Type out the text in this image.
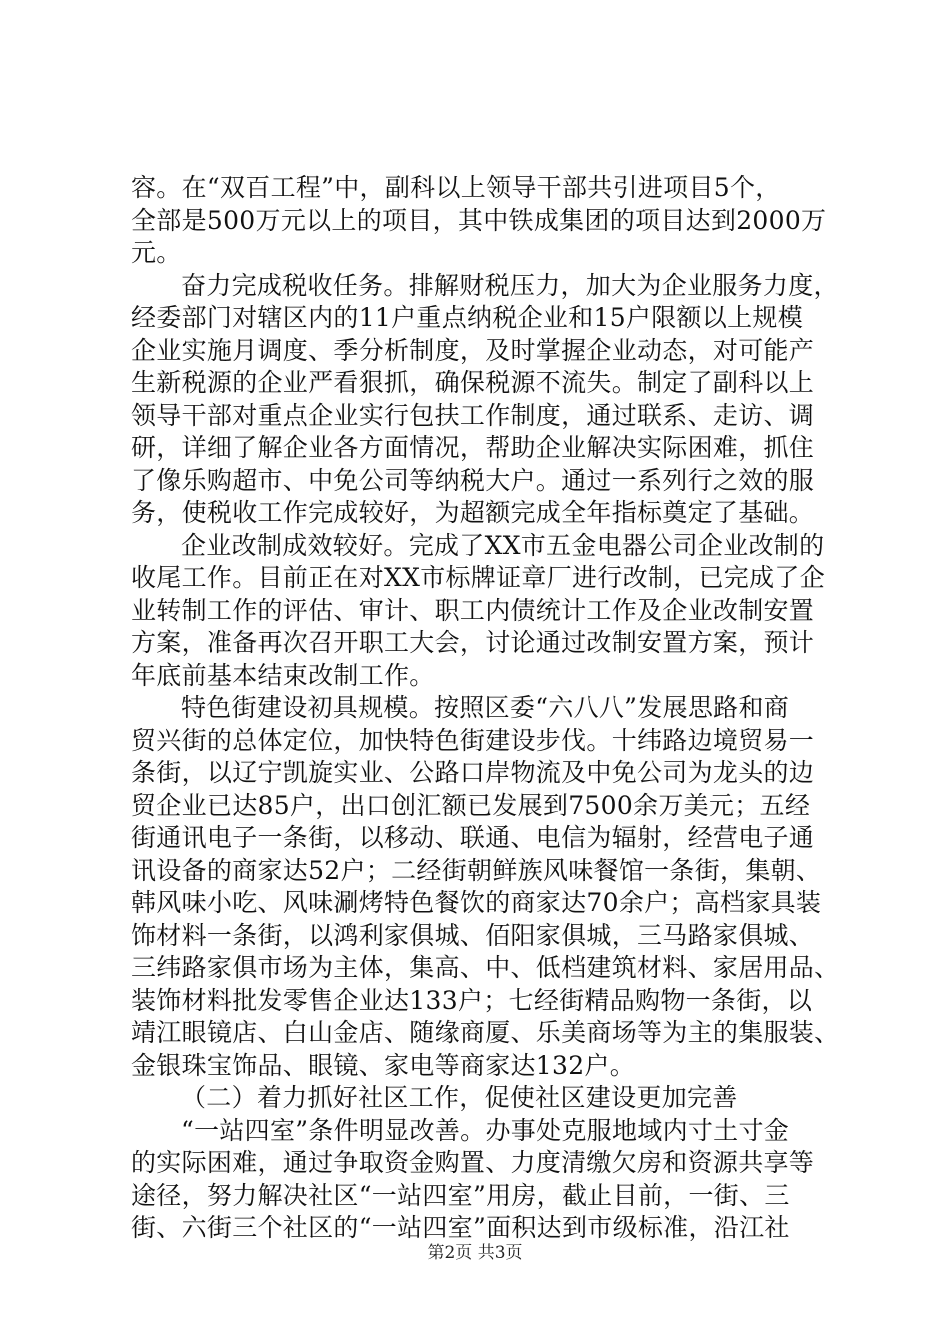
容。在“双百工程”中，副科以上领导干部共引进项目5个，
全部是500万元以上的项目，其中铁成集团的项目达到2000万
元。
奋力完成税收任务。排解财税压力，加大为企业服务力度，
经委部门对辖区内的11户重点纳税企业和15户限额以上规模
企业实施月调度、季分析制度，及时掌握企业动态，对可能产
生新税源的企业严看狠抓，确保税源不流失。制定了副科以上
领导干部对重点企业实行包扶工作制度，通过联系、走访、调
研，详细了解企业各方面情况，帮助企业解决实际困难，抓住
了像乐购超市、中免公司等纳税大户。通过一系列行之效的服
务，使税收工作完成较好，为超额完成全年指标奠定了基础。
企业改制成效较好。完成了XX市五金电器公司企业改制的
收尾工作。目前正在对XX市标牌证章厂进行改制，已完成了企
业转制工作的评估、审计、职工内债统计工作及企业改制安置
方案，准备再次召开职工大会，讨论通过改制安置方案，预计
年底前基本结束改制工作。
特色街建设初具规模。按照区委“六八八”发展思路和商
贸兴街的总体定位，加快特色街建设步伐。十纬路边境贸易一
条街，以辽宁凯旋实业、公路口岸物流及中免公司为龙头的边
贸企业已达85户，出口创汇额已发展到7500余万美元；五经
街通讯电子一条街，以移动、联通、电信为辐射，经营电子通
讯设备的商家达52户；二经街朝鲜族风味餐馆一条街，集朝、
韩风味小吃、风味涮烤特色餐饮的商家达70余户；高档家具装
饰材料一条街，以鸿利家俱城、佰阳家俱城，三马路家俱城、
三纬路家俱市场为主体，集高、中、低档建筑材料、家居用品、
装饰材料批发零售企业达133户；七经街精品购物一条街，以
靖江眼镜店、白山金店、随缘商厦、乐美商场等为主的集服装、
金银珠宝饰品、眼镜、家电等商家达132户。
（二）着力抓好社区工作，促使社区建设更加完善
“一站四室”条件明显改善。办事处克服地域内寸土寸金
的实际困难，通过争取资金购置、力度清缴欠房和资源共享等
途径，努力解决社区“一站四室”用房，截止目前，一街、三
街、六街三个社区的“一站四室”面积达到市级标准，沿江社
第2页 共3页
